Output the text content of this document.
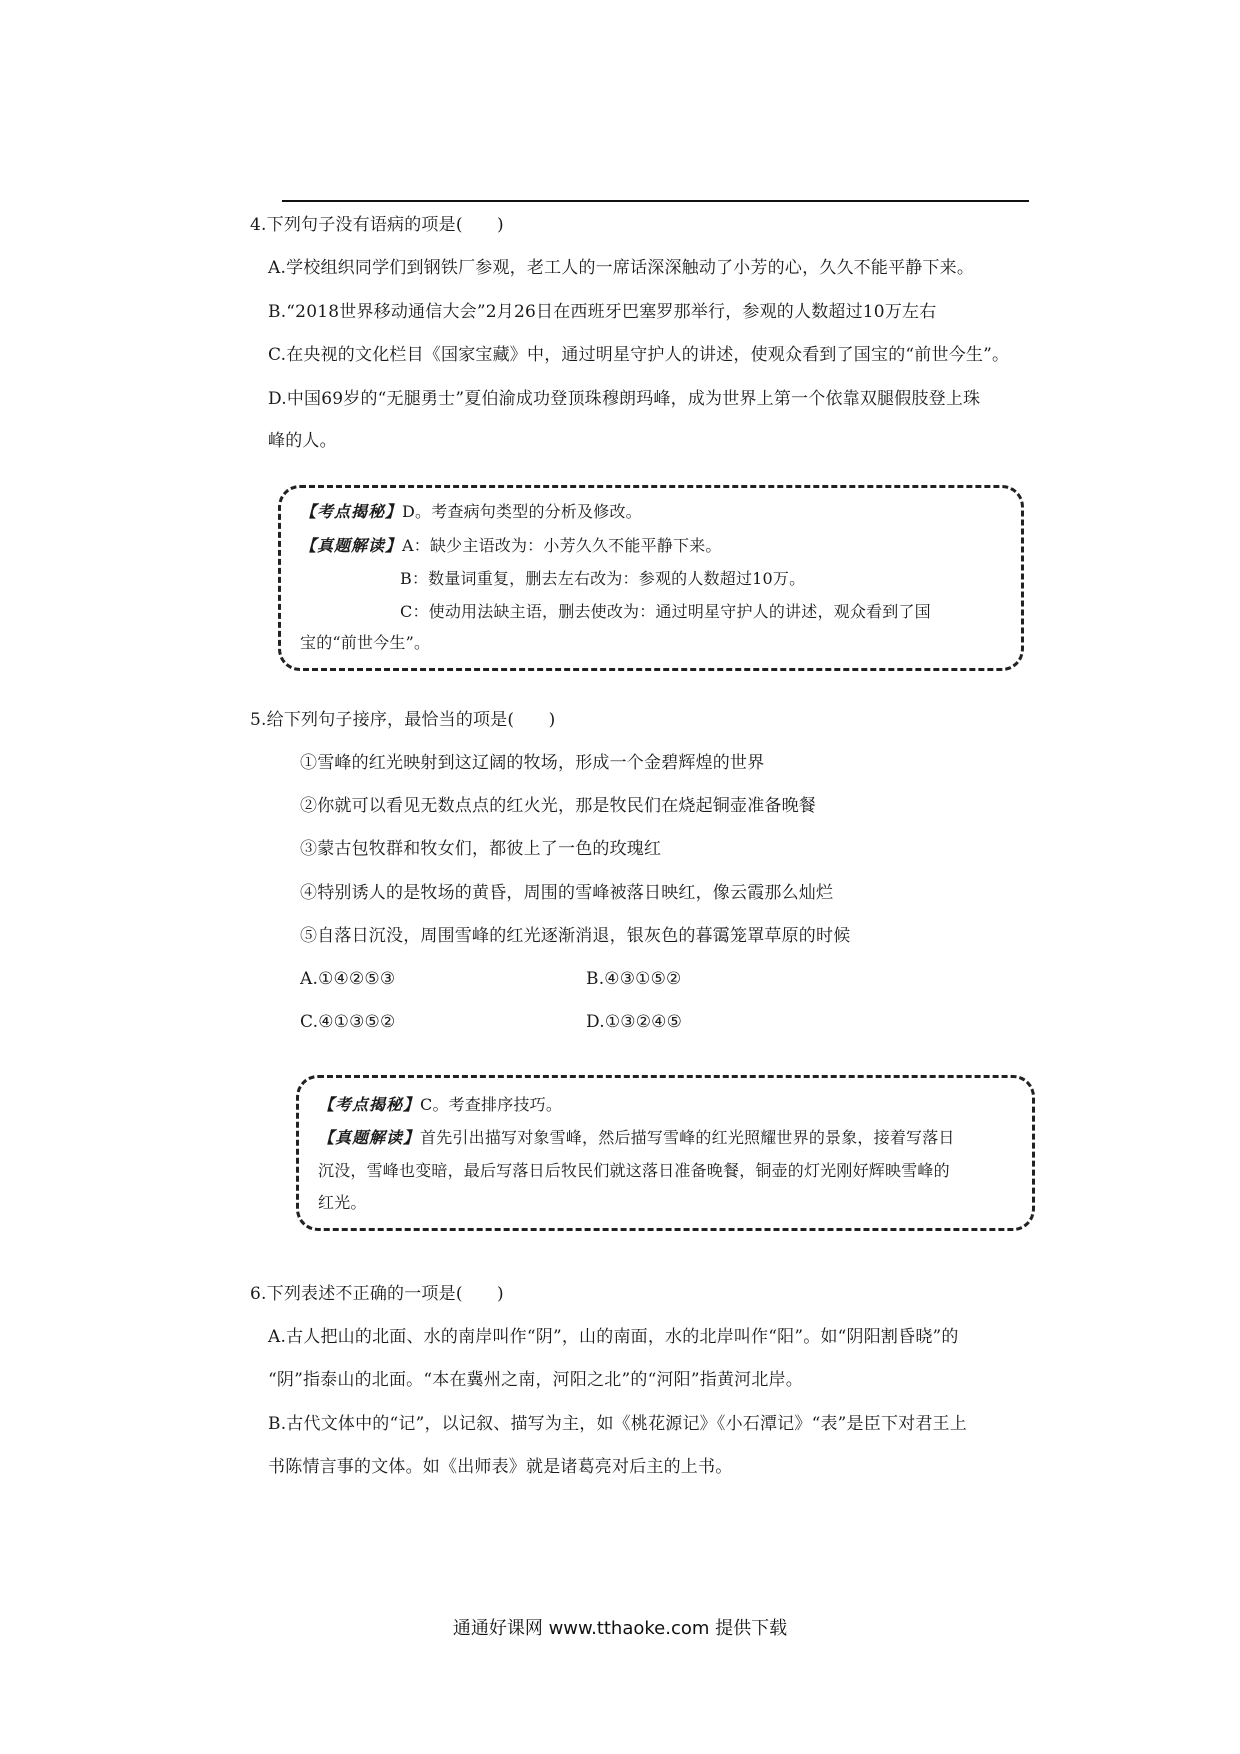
4.下列句子没有语病的项是(　　)
A.学校组织同学们到钢铁厂参观，老工人的一席话深深触动了小芳的心，久久不能平静下来。
B.“2018世界移动通信大会”2月26日在西班牙巴塞罗那举行，参观的人数超过10万左右
C.在央视的文化栏目《国家宝藏》中，通过明星守护人的讲述，使观众看到了国宝的“前世今生”。
D.中国69岁的“无腿勇士”夏伯渝成功登顶珠穆朗玛峰，成为世界上第一个依靠双腿假肢登上珠
峰的人。
【考点揭秘】D。考查病句类型的分析及修改。
【真题解读】A：缺少主语改为：小芳久久不能平静下来。
B：数量词重复，删去左右改为：参观的人数超过10万。
C：使动用法缺主语，删去使改为：通过明星守护人的讲述，观众看到了国
宝的“前世今生”。
5.给下列句子接序，最恰当的项是(　　)
①雪峰的红光映射到这辽阔的牧场，形成一个金碧辉煌的世界
②你就可以看见无数点点的红火光，那是牧民们在烧起铜壶准备晚餐
③蒙古包牧群和牧女们，都彼上了一色的玫瑰红
④特别诱人的是牧场的黄昏，周围的雪峰被落日映红，像云霞那么灿烂
⑤自落日沉没，周围雪峰的红光逐渐消退，银灰色的暮霭笼罩草原的时候
A.①④②⑤③	B.④③①⑤②
C.④①③⑤②	D.①③②④⑤
【考点揭秘】C。考查排序技巧。
【真题解读】首先引出描写对象雪峰，然后描写雪峰的红光照耀世界的景象，接着写落日
沉没，雪峰也变暗，最后写落日后牧民们就这落日准备晚餐，铜壶的灯光刚好辉映雪峰的
红光。
6.下列表述不正确的一项是(　　)
A.古人把山的北面、水的南岸叫作“阴”，山的南面，水的北岸叫作“阳”。如“阴阳割昏晓”的
“阴”指泰山的北面。“本在冀州之南，河阳之北”的“河阳”指黄河北岸。
B.古代文体中的“记”，以记叙、描写为主，如《桃花源记》《小石潭记》“表”是臣下对君王上
书陈情言事的文体。如《出师表》就是诸葛亮对后主的上书。
通通好课网 www.tthaoke.com 提供下载
